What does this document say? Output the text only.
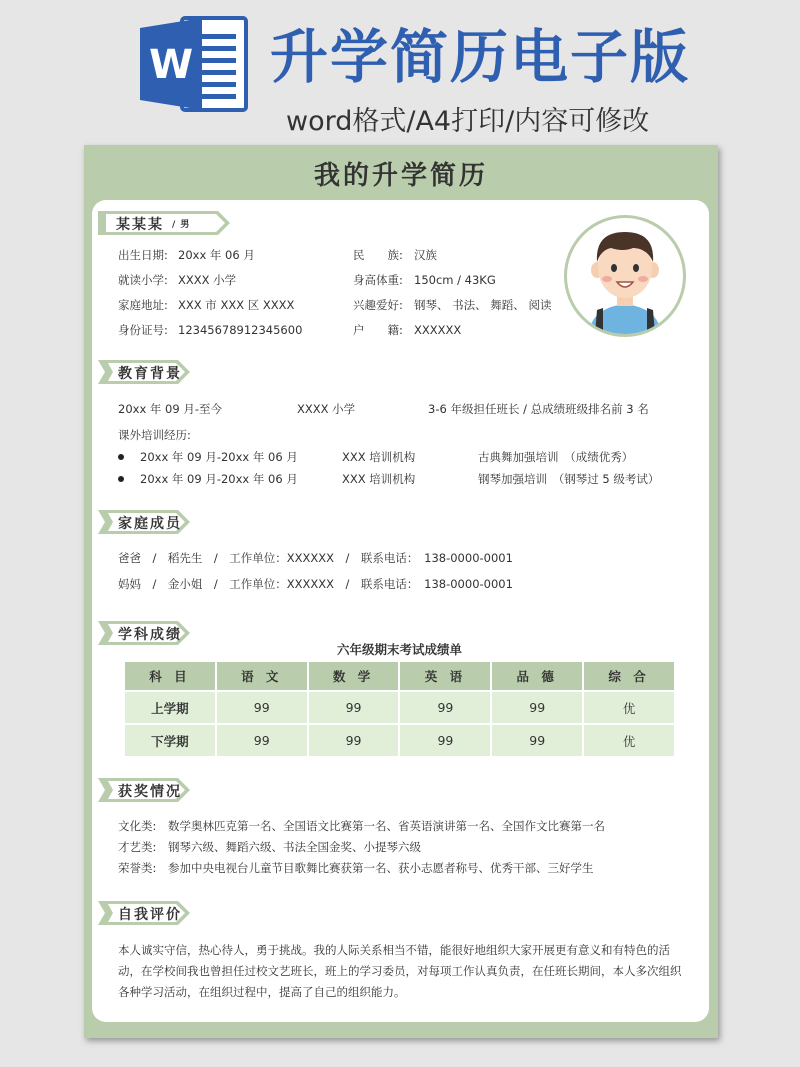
W 升学简历电子版
word格式/A4打印/内容可修改
我的升学简历
某某某 / 男
出生日期: 20xx 年 06 月
就读小学: XXXX 小学
家庭地址: XXX 市 XXX 区 XXXX
身份证号: 12345678912345600
民　　族: 汉族
身高体重: 150cm / 43KG
兴趣爱好: 钢琴、 书法、 舞蹈、 阅读
户　　籍: XXXXXX
教育背景
20xx 年 09 月-至今	XXXX 小学	3-6 年级担任班长 / 总成绩班级排名前 3 名
课外培训经历:
20xx 年 09 月-20xx 年 06 月	XXX 培训机构	古典舞加强培训　（成绩优秀）
20xx 年 09 月-20xx 年 06 月	XXX 培训机构	钢琴加强培训　（钢琴过 5 级考试）
家庭成员
爸爸　/　稻先生　/　工作单位：XXXXXX　/　联系电话：　138-0000-0001
妈妈　/　金小姐　/　工作单位：XXXXXX　/　联系电话：　138-0000-0001
学科成绩
六年级期末考试成绩单
科 目	语 文	数 学	英 语	品 德	综 合
上学期	99	99	99	99	优
下学期	99	99	99	99	优
获奖情况
文化类: 数学奥林匹克第一名、全国语文比赛第一名、省英语演讲第一名、全国作文比赛第一名
才艺类: 钢琴六级、舞蹈六级、书法全国金奖、小提琴六级
荣誉类: 参加中央电视台儿童节目歌舞比赛获第一名、获小志愿者称号、优秀干部、三好学生
自我评价
本人诚实守信，热心待人，勇于挑战。我的人际关系相当不错，能很好地组织大家开展更有意义和有特色的活动，在学校间我也曾担任过校文艺班长，班上的学习委员，对每项工作认真负责，在任班长期间，本人多次组织各种学习活动，在组织过程中，提高了自己的组织能力。
